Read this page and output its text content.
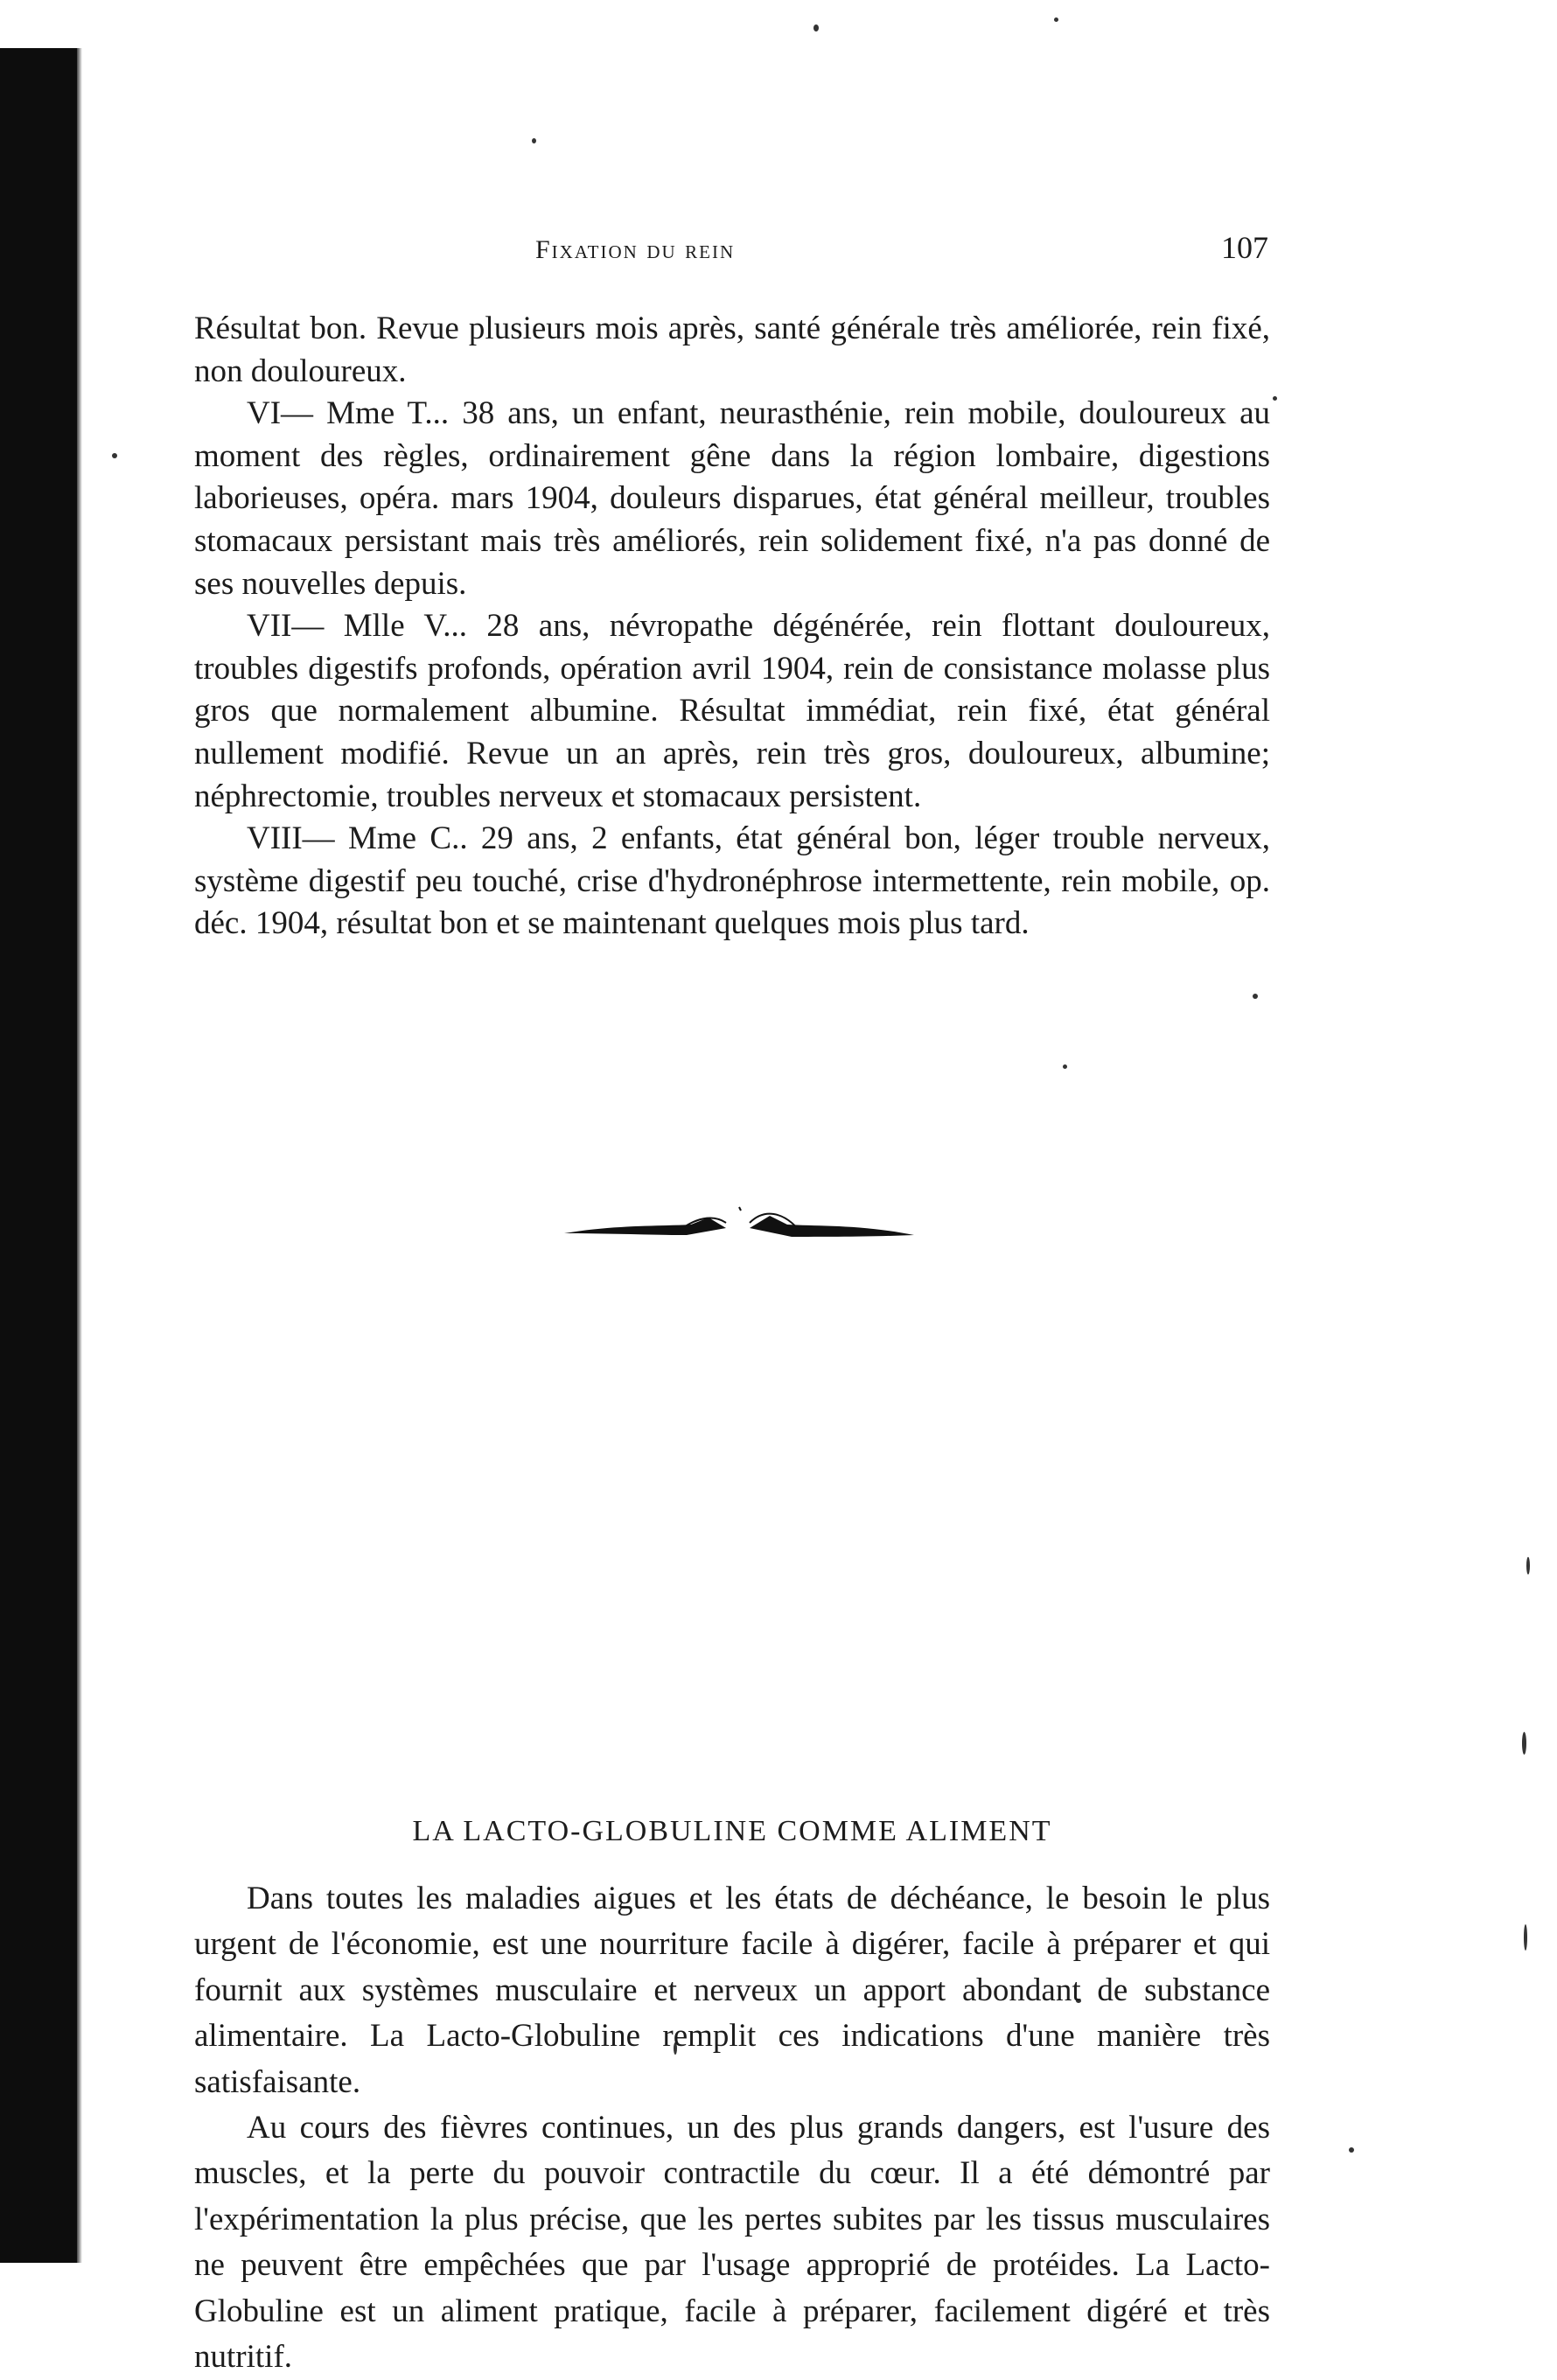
Fixation du rein	107

Résultat bon. Revue plusieurs mois après, santé générale très améliorée, rein fixé, non douloureux.

VI— Mme T... 38 ans, un enfant, neurasthénie, rein mobile, douloureux au moment des règles, ordinairement gêne dans la région lombaire, digestions laborieuses, opéra. mars 1904, douleurs disparues, état général meilleur, troubles stomacaux persistant mais très améliorés, rein solidement fixé, n'a pas donné de ses nouvelles depuis.

VII— Mlle V... 28 ans, névropathe dégénérée, rein flottant douloureux, troubles digestifs profonds, opération avril 1904, rein de consistance molasse plus gros que normalement albumine. Résultat immédiat, rein fixé, état général nullement modifié. Revue un an après, rein très gros, douloureux, albumine; néphrectomie, troubles nerveux et stomacaux persistent.

VIII— Mme C.. 29 ans, 2 enfants, état général bon, léger trouble nerveux, système digestif peu touché, crise d'hydronéphrose intermettente, rein mobile, op. déc. 1904, résultat bon et se maintenant quelques mois plus tard.

LA LACTO-GLOBULINE COMME ALIMENT

Dans toutes les maladies aigues et les états de déchéance, le besoin le plus urgent de l'économie, est une nourriture facile à digérer, facile à préparer et qui fournit aux systèmes musculaire et nerveux un apport abondant de substance alimentaire. La Lacto-Globuline remplit ces indications d'une manière très satisfaisante.

Au cours des fièvres continues, un des plus grands dangers, est l'usure des muscles, et la perte du pouvoir contractile du cœur. Il a été démontré par l'expérimentation la plus précise, que les pertes subites par les tissus musculaires ne peuvent être empêchées que par l'usage approprié de protéides. La Lacto-Globuline est un aliment pratique, facile à préparer, facilement digéré et très nutritif.
